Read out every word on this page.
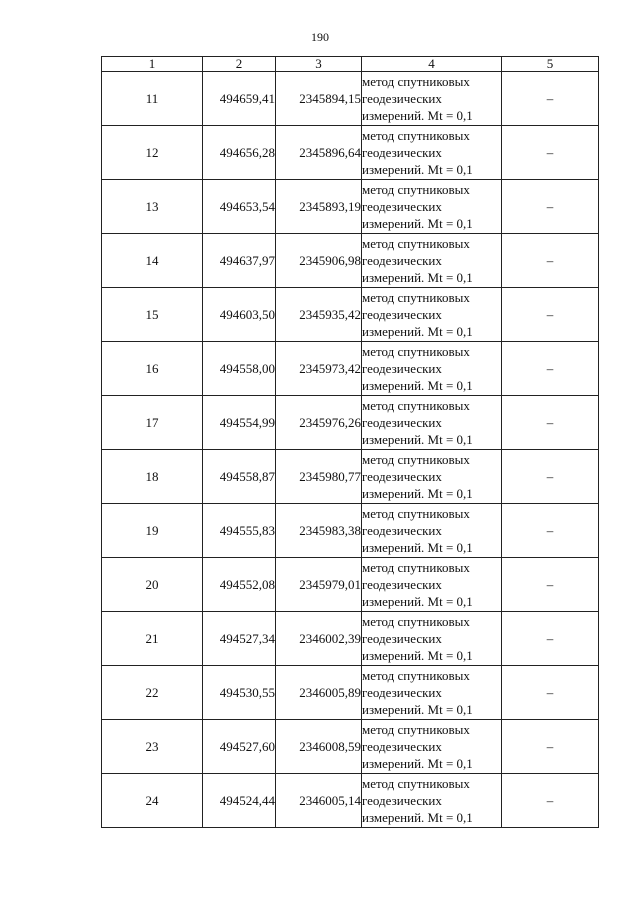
190
1	2	3	4	5
11	494659,41	2345894,15	метод спутниковых
геодезических
измерений. Mt = 0,1	–
12	494656,28	2345896,64	метод спутниковых
геодезических
измерений. Mt = 0,1	–
13	494653,54	2345893,19	метод спутниковых
геодезических
измерений. Mt = 0,1	–
14	494637,97	2345906,98	метод спутниковых
геодезических
измерений. Mt = 0,1	–
15	494603,50	2345935,42	метод спутниковых
геодезических
измерений. Mt = 0,1	–
16	494558,00	2345973,42	метод спутниковых
геодезических
измерений. Mt = 0,1	–
17	494554,99	2345976,26	метод спутниковых
геодезических
измерений. Mt = 0,1	–
18	494558,87	2345980,77	метод спутниковых
геодезических
измерений. Mt = 0,1	–
19	494555,83	2345983,38	метод спутниковых
геодезических
измерений. Mt = 0,1	–
20	494552,08	2345979,01	метод спутниковых
геодезических
измерений. Mt = 0,1	–
21	494527,34	2346002,39	метод спутниковых
геодезических
измерений. Mt = 0,1	–
22	494530,55	2346005,89	метод спутниковых
геодезических
измерений. Mt = 0,1	–
23	494527,60	2346008,59	метод спутниковых
геодезических
измерений. Mt = 0,1	–
24	494524,44	2346005,14	метод спутниковых
геодезических
измерений. Mt = 0,1	–
